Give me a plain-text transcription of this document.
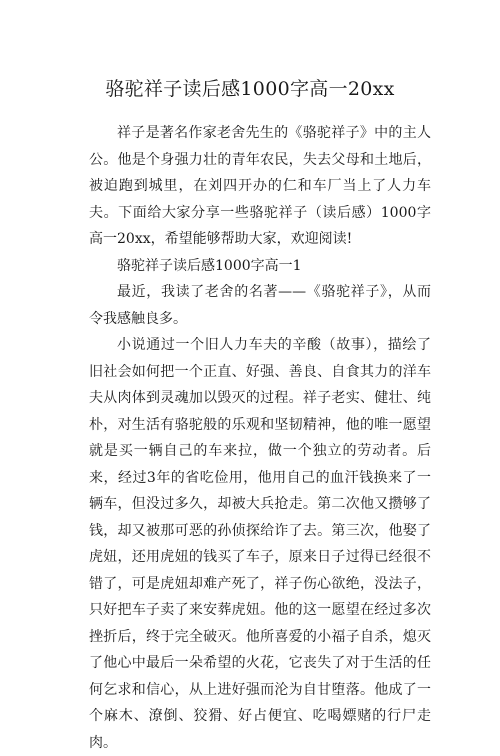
骆驼祥子读后感1000字高一20xx

祥子是著名作家老舍先生的《骆驼祥子》中的主人公。他是个身强力壮的青年农民，失去父母和土地后，被迫跑到城里，在刘四开办的仁和车厂当上了人力车夫。下面给大家分享一些骆驼祥子（读后感）1000字高一20xx，希望能够帮助大家，欢迎阅读!

骆驼祥子读后感1000字高一1

最近，我读了老舍的名著——《骆驼祥子》，从而令我感触良多。

小说通过一个旧人力车夫的辛酸（故事），描绘了旧社会如何把一个正直、好强、善良、自食其力的洋车夫从肉体到灵魂加以毁灭的过程。祥子老实、健壮、纯朴，对生活有骆驼般的乐观和坚韧精神，他的唯一愿望就是买一辆自己的车来拉，做一个独立的劳动者。后来，经过3年的省吃俭用，他用自己的血汗钱换来了一辆车，但没过多久，却被大兵抢走。第二次他又攒够了钱，却又被那可恶的孙侦探给诈了去。第三次，他娶了虎妞，还用虎妞的钱买了车子，原来日子过得已经很不错了，可是虎妞却难产死了，祥子伤心欲绝，没法子，只好把车子卖了来安葬虎妞。他的这一愿望在经过多次挫折后，终于完全破灭。他所喜爱的小福子自杀，熄灭了他心中最后一朵希望的火花，它丧失了对于生活的任何乞求和信心，从上进好强而沦为自甘堕落。他成了一个麻木、潦倒、狡猾、好占便宜、吃喝嫖赌的行尸走肉。
